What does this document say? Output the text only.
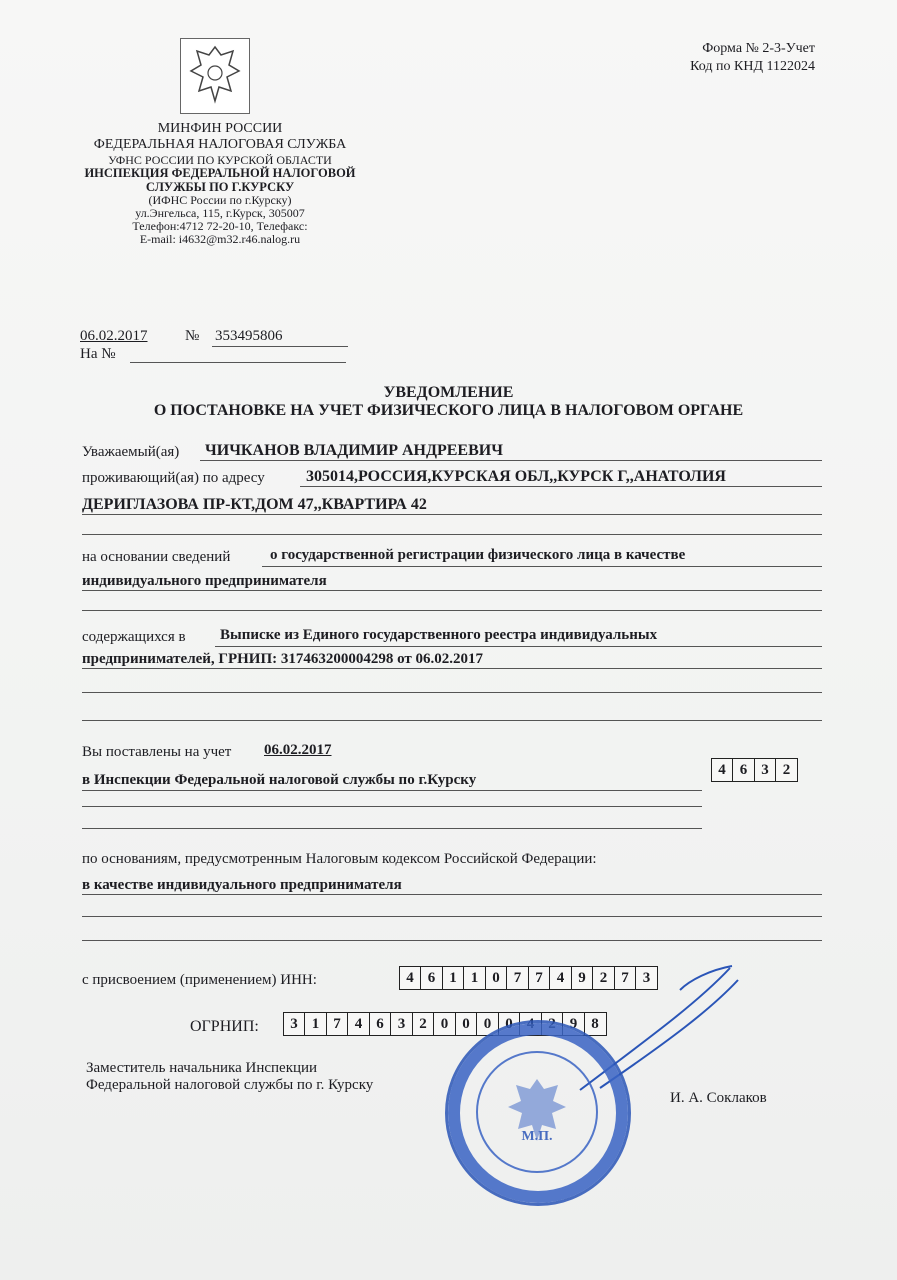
Форма № 2-3-Учет
Код по КНД 1122024
МИНФИН РОССИИ
ФЕДЕРАЛЬНАЯ НАЛОГОВАЯ СЛУЖБА
УФНС РОССИИ ПО КУРСКОЙ ОБЛАСТИ
ИНСПЕКЦИЯ ФЕДЕРАЛЬНОЙ НАЛОГОВОЙ
СЛУЖБЫ ПО Г.КУРСКУ
(ИФНС России по г.Курску)
ул.Энгельса, 115, г.Курск, 305007
Телефон:4712 72-20-10, Телефакс:
E-mail: i4632@m32.r46.nalog.ru
06.02.2017	№ 353495806
На №
УВЕДОМЛЕНИЕ
О ПОСТАНОВКЕ НА УЧЕТ ФИЗИЧЕСКОГО ЛИЦА В НАЛОГОВОМ ОРГАНЕ
Уважаемый(ая) ЧИЧКАНОВ ВЛАДИМИР АНДРЕЕВИЧ
проживающий(ая) по адресу	305014,РОССИЯ,КУРСКАЯ ОБЛ,,КУРСК Г,,АНАТОЛИЯ
ДЕРИГЛАЗОВА ПР-КТ,ДОМ 47,,КВАРТИРА 42
на основании сведений	о государственной регистрации физического лица в качестве
индивидуального предпринимателя
содержащихся в Выписке из Единого государственного реестра индивидуальных
предпринимателей, ГРНИП: 317463200004298 от 06.02.2017
Вы поставлены на учет 06.02.2017
в Инспекции Федеральной налоговой службы по г.Курску
4 6 3 2
по основаниям, предусмотренным Налоговым кодексом Российской Федерации:
в качестве индивидуального предпринимателя
с присвоением (применением) ИНН:	4 6 1 1 0 7 7 4 9 2 7 3
ОГРНИП:	3 1 7 4 6 3 2 0 0 0 0 4 2 9 8
Заместитель начальника Инспекции
Федеральной налоговой службы по г. Курску
И. А. Соклаков
М.П.
